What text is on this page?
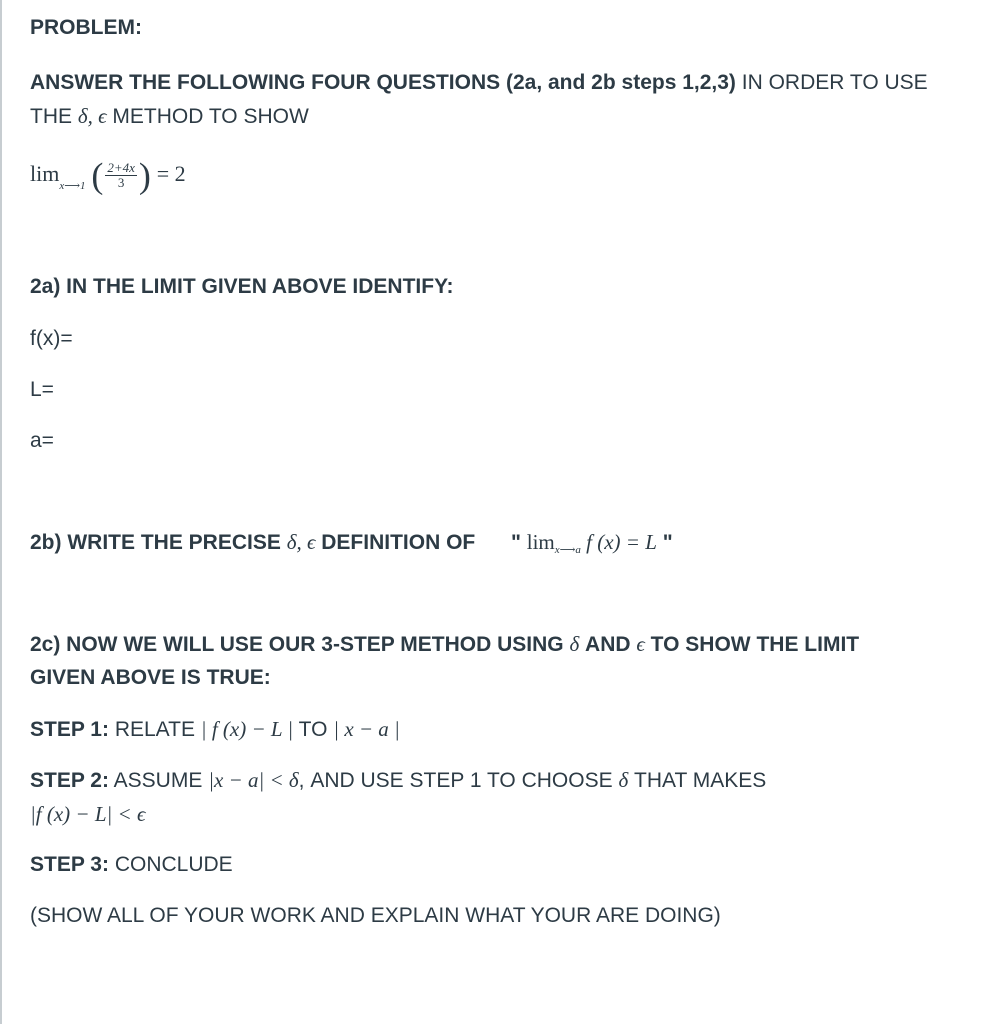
PROBLEM:
ANSWER THE FOLLOWING FOUR QUESTIONS (2a, and 2b steps 1,2,3) IN ORDER TO USE
THE δ, ϵ METHOD TO SHOW
$\lim_{x⟶1}$ ( $\frac{2+4x}{3}$ ) = 2
2a) IN THE LIMIT GIVEN ABOVE IDENTIFY:
f(x)=
L=
a=
2b) WRITE THE PRECISE δ, ϵ DEFINITION OF " limx⟶a f (x) = L "
2c) NOW WE WILL USE OUR 3-STEP METHOD USING δ AND ϵ TO SHOW THE LIMIT
GIVEN ABOVE IS TRUE:
STEP 1: RELATE | f (x) − L | TO | x − a |
STEP 2: ASSUME |x − a| < δ, AND USE STEP 1 TO CHOOSE δ THAT MAKES
|f (x) − L| < ϵ
STEP 3: CONCLUDE
(SHOW ALL OF YOUR WORK AND EXPLAIN WHAT YOUR ARE DOING)
